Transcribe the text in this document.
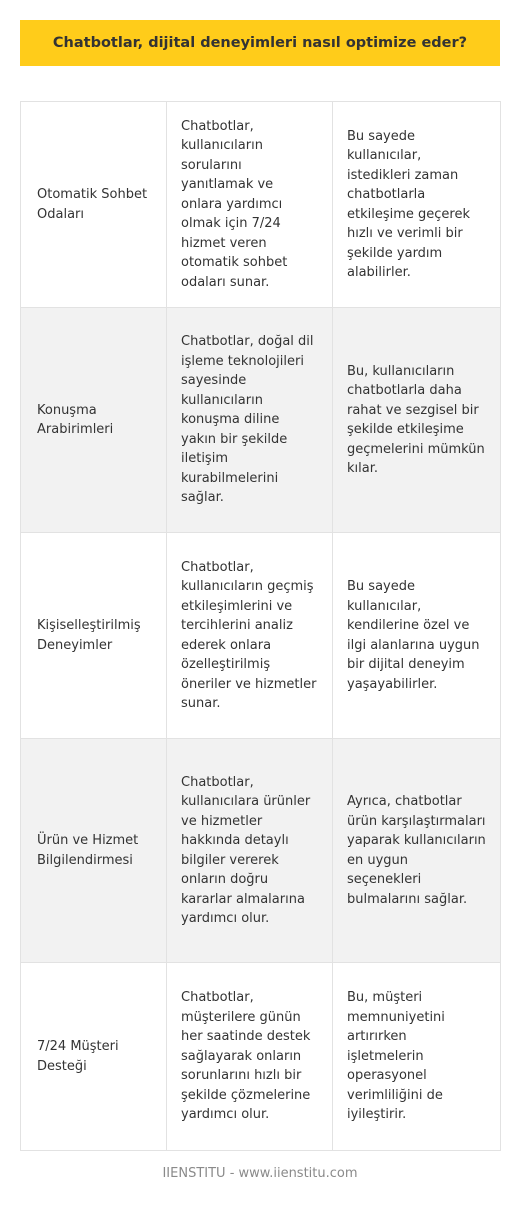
Chatbotlar, dijital deneyimleri nasıl optimize eder?
Otomatik Sohbet Odaları	Chatbotlar, kullanıcıların sorularını yanıtlamak ve onlara yardımcı olmak için 7/24 hizmet veren otomatik sohbet odaları sunar.	Bu sayede kullanıcılar, istedikleri zaman chatbotlarla etkileşime geçerek hızlı ve verimli bir şekilde yardım alabilirler.
Konuşma Arabirimleri	Chatbotlar, doğal dil işleme teknolojileri sayesinde kullanıcıların konuşma diline yakın bir şekilde iletişim kurabilmelerini sağlar.	Bu, kullanıcıların chatbotlarla daha rahat ve sezgisel bir şekilde etkileşime geçmelerini mümkün kılar.
Kişiselleştirilmiş Deneyimler	Chatbotlar, kullanıcıların geçmiş etkileşimlerini ve tercihlerini analiz ederek onlara özelleştirilmiş öneriler ve hizmetler sunar.	Bu sayede kullanıcılar, kendilerine özel ve ilgi alanlarına uygun bir dijital deneyim yaşayabilirler.
Ürün ve Hizmet Bilgilendirmesi	Chatbotlar, kullanıcılara ürünler ve hizmetler hakkında detaylı bilgiler vererek onların doğru kararlar almalarına yardımcı olur.	Ayrıca, chatbotlar ürün karşılaştırmaları yaparak kullanıcıların en uygun seçenekleri bulmalarını sağlar.
7/24 Müşteri Desteği	Chatbotlar, müşterilere günün her saatinde destek sağlayarak onların sorunlarını hızlı bir şekilde çözmelerine yardımcı olur.	Bu, müşteri memnuniyetini artırırken işletmelerin operasyonel verimliliğini de iyileştirir.
IIENSTITU - www.iienstitu.com
